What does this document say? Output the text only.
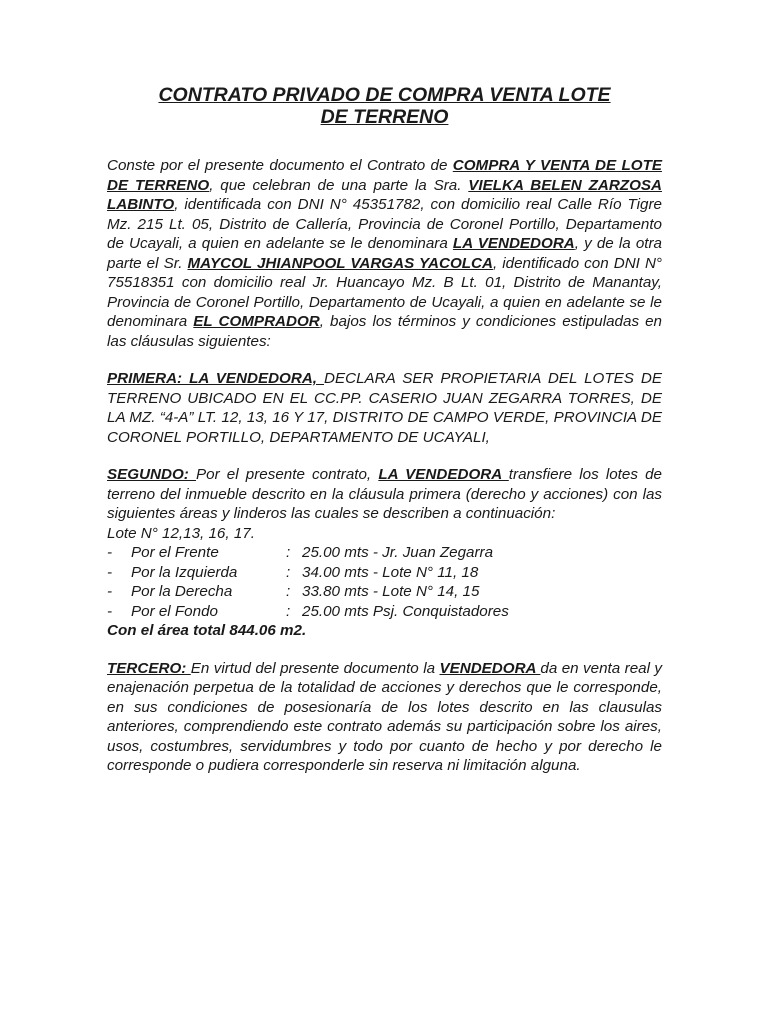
CONTRATO PRIVADO DE COMPRA VENTA LOTE
DE TERRENO

Conste por el presente documento el Contrato de COMPRA Y VENTA DE LOTE DE TERRENO, que celebran de una parte la Sra. VIELKA BELEN ZARZOSA LABINTO, identificada con DNI N° 45351782, con domicilio real Calle Río Tigre Mz. 215 Lt. 05, Distrito de Callería, Provincia de Coronel Portillo, Departamento de Ucayali, a quien en adelante se le denominara LA VENDEDORA, y de la otra parte el Sr. MAYCOL JHIANPOOL VARGAS YACOLCA, identificado con DNI N° 75518351 con domicilio real Jr. Huancayo Mz. B Lt. 01, Distrito de Manantay, Provincia de Coronel Portillo, Departamento de Ucayali, a quien en adelante se le denominara EL COMPRADOR, bajos los términos y condiciones estipuladas en las cláusulas siguientes:

PRIMERA: LA VENDEDORA, DECLARA SER PROPIETARIA DEL LOTES DE TERRENO UBICADO EN EL CC.PP. CASERIO JUAN ZEGARRA TORRES, DE LA MZ. “4-A” LT. 12, 13, 16 Y 17, DISTRITO DE CAMPO VERDE, PROVINCIA DE CORONEL PORTILLO, DEPARTAMENTO DE UCAYALI,

SEGUNDO: Por el presente contrato, LA VENDEDORA transfiere los lotes de terreno del inmueble descrito en la cláusula primera (derecho y acciones) con las siguientes áreas y linderos las cuales se describen a continuación:

Lote N° 12,13, 16, 17.
-	Por el Frente	: 25.00 mts - Jr. Juan Zegarra
-	Por la Izquierda	: 34.00 mts - Lote N° 11, 18
-	Por la Derecha	: 33.80 mts - Lote N° 14, 15
-	Por el Fondo	: 25.00 mts Psj. Conquistadores
Con el área total 844.06 m2.

TERCERO: En virtud del presente documento la VENDEDORA da en venta real y enajenación perpetua de la totalidad de acciones y derechos que le corresponde, en sus condiciones de posesionaría de los lotes descrito en las clausulas anteriores, comprendiendo este contrato además su participación sobre los aires, usos, costumbres, servidumbres y todo por cuanto de hecho y por derecho le corresponde o pudiera corresponderle sin reserva ni limitación alguna.
